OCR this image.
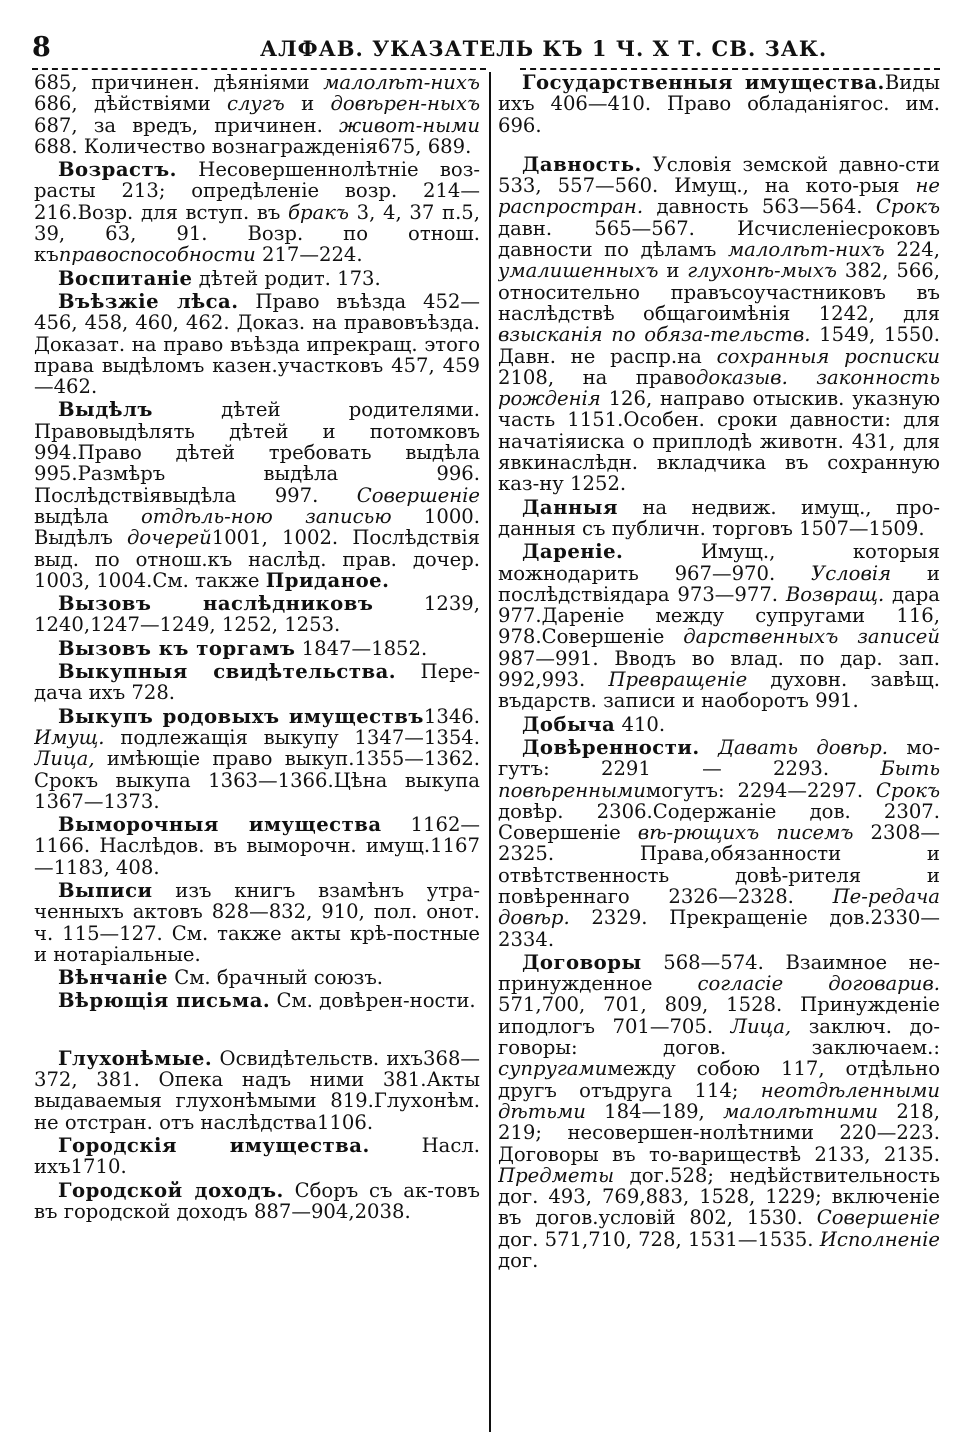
8	АЛФАВ. УКАЗАТЕЛЬ КЪ 1 Ч. X Т. СВ. ЗАК.

685, причинен. дѣяніями малолѣт-нихъ 686, дѣйствіями слугъ и довѣрен-ныхъ 687, за вредъ, причинен. живот-ными 688. Количество вознагражденія675, 689.

Возрастъ. Несовершеннолѣтніе воз-расты 213; опредѣленіе возр. 214—216.Возр. для вступ. въ бракъ 3, 4, 37 п.5, 39, 63, 91. Возр. по отнош. къправоспособности 217—224.

Воспитаніе дѣтей родит. 173.

Въѣзжіе лѣса. Право въѣзда 452—456, 458, 460, 462. Доказ. на правовъѣзда. Доказат. на право въѣзда ипрекращ. этого права выдѣломъ казен.участковъ 457, 459—462.

Выдѣлъ дѣтей родителями. Правовыдѣлять дѣтей и потомковъ 994.Право дѣтей требовать выдѣла 995.Размѣръ выдѣла 996. Послѣдствіявыдѣла 997. Совершеніе выдѣла отдѣль-ною записью 1000. Выдѣлъ дочерей1001, 1002. Послѣдствія выд. по отнош.къ наслѣд. прав. дочер. 1003, 1004.См. также Приданое.

Вызовъ наслѣдниковъ 1239, 1240,1247—1249, 1252, 1253.

Вызовъ къ торгамъ 1847—1852.

Выкупныя свидѣтельства. Пере-дача ихъ 728.

Выкупъ родовыхъ имуществъ1346. Имущ. подлежащія выкупу 1347—1354. Лица, имѣющіе право выкуп.1355—1362. Срокъ выкупа 1363—1366.Цѣна выкупа 1367—1373.

Выморочныя имущества 1162—1166. Наслѣдов. въ выморочн. имущ.1167—1183, 408.

Выписи изъ книгъ взамѣнъ утра-ченныхъ актовъ 828—832, 910, пол. онот. ч. 115—127. См. также акты крѣ-постные и нотаріальные.

Вѣнчаніе См. брачный союзъ.

Вѣрющія письма. См. довѣрен-ности.

Глухонѣмые. Освидѣтельств. ихъ368—372, 381. Опека надъ ними 381.Акты выдаваемыя глухонѣмыми 819.Глухонѣм. не отстран. отъ наслѣдства1106.

Городскія имущества. Насл. ихъ1710.

Городской доходъ. Сборъ съ ак-товъ въ городской доходъ 887—904,2038.

Государственныя имущества.Виды ихъ 406—410. Право обладаніягос. им. 696.

Давность. Условія земской давно-сти 533, 557—560. Имущ., на кото-рыя не распростран. давность 563—564. Срокъ давн. 565—567. Исчисленіесроковъ давности по дѣламъ малолѣт-нихъ 224, умалишенныхъ и глухонѣ-мыхъ 382, 566, относительно правъсоучастниковъ въ наслѣдствѣ общагоимѣнія 1242, для взысканія по обяза-тельств. 1549, 1550. Давн. не распр.на сохранныя росписки 2108, на праводоказыв. законность рожденія 126, направо отыскив. указную часть 1151.Особен. сроки давности: для начатіяиска о приплодѣ животн. 431, для явкинаслѣдн. вкладчика въ сохранную каз-ну 1252.

Данныя на недвиж. имущ., про-данныя съ публичн. торговъ 1507—1509.

Дареніе. Имущ., которыя можнодарить 967—970. Условія и послѣдствіядара 973—977. Возвращ. дара 977.Дареніе между супругами 116, 978.Совершеніе дарственныхъ записей 987—991. Вводъ во влад. по дар. зап. 992,993. Превращеніе духовн. завѣщ. въдарств. записи и наоборотъ 991.

Добыча 410.

Довѣренности. Давать довѣр. мо-гутъ: 2291 — 2293. Быть повѣреннымимогутъ: 2294—2297. Срокъ довѣр. 2306.Содержаніе дов. 2307. Совершеніе вѣ-рющихъ писемъ 2308—2325. Права,обязанности и отвѣтственность довѣ-рителя и повѣреннаго 2326—2328. Пе-редача довѣр. 2329. Прекращеніе дов.2330—2334.

Договоры 568—574. Взаимное не-принужденное согласіе договарив. 571,700, 701, 809, 1528. Принужденіе иподлогъ 701—705. Лица, заключ. до-говоры: догов. заключаем.: супругамимежду собою 117, отдѣльно другъ отъдруга 114; неотдѣленными дѣтьми 184—189, малолѣтними 218, 219; несовершен-нолѣтними 220—223. Договоры въ то-вариществѣ 2133, 2135. Предметы дог.528; недѣйствительность дог. 493, 769,883, 1528, 1229; включеніе въ догов.условій 802, 1530. Совершеніе дог. 571,710, 728, 1531—1535. Исполненіе дог.
